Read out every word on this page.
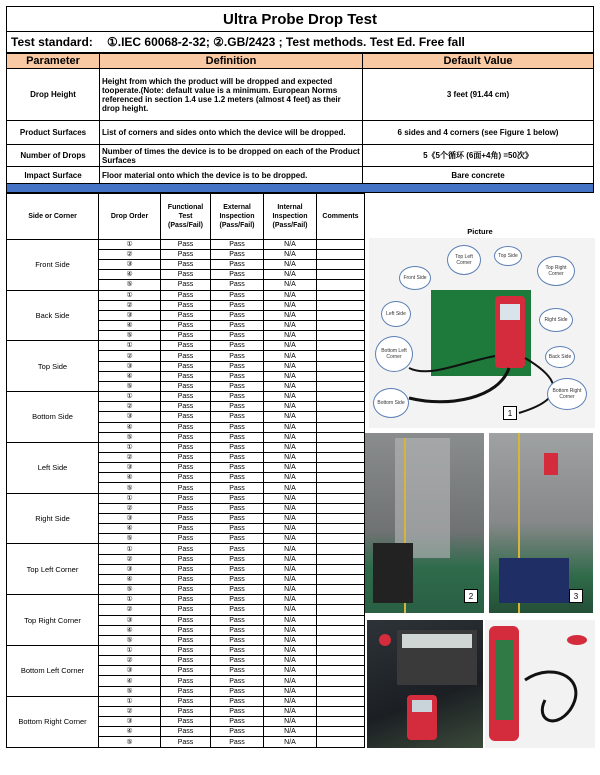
Ultra Probe Drop Test
Test standard:	①.IEC 60068-2-32; ②.GB/2423 ; Test methods. Test Ed. Free fall
Parameter	Definition	Default Value
Drop Height	Height from which the product will be dropped and expected tooperate.(Note: default value is a minimum. European Norms referenced in section 1.4 use 1.2 meters (almost 4 feet) as their drop height.	3 feet (91.44 cm)
Product Surfaces	List of corners and sides onto which the device will be dropped.	6 sides and 4 corners (see Figure 1 below)
Number of Drops	Number of times the device is to be dropped on each of the Product Surfaces	5《5个循环 (6面+4角) =50次》
Impact Surface	Floor material onto which the device is to be dropped.	Bare concrete
Side or Corner	Drop Order	Functional Test (Pass/Fail)	External Inspection (Pass/Fail)	Internal Inspection (Pass/Fail)	Comments
Front Side	①	Pass	Pass	N/A	
	②	Pass	Pass	N/A	
	③	Pass	Pass	N/A	
	④	Pass	Pass	N/A	
	⑤	Pass	Pass	N/A	
Back Side	①	Pass	Pass	N/A	
	②	Pass	Pass	N/A	
	③	Pass	Pass	N/A	
	④	Pass	Pass	N/A	
	⑤	Pass	Pass	N/A	
Top Side	①	Pass	Pass	N/A	
	②	Pass	Pass	N/A	
	③	Pass	Pass	N/A	
	④	Pass	Pass	N/A	
	⑤	Pass	Pass	N/A	
Bottom Side	①	Pass	Pass	N/A	
	②	Pass	Pass	N/A	
	③	Pass	Pass	N/A	
	④	Pass	Pass	N/A	
	⑤	Pass	Pass	N/A	
Left Side	①	Pass	Pass	N/A	
	②	Pass	Pass	N/A	
	③	Pass	Pass	N/A	
	④	Pass	Pass	N/A	
	⑤	Pass	Pass	N/A	
Right Side	①	Pass	Pass	N/A	
	②	Pass	Pass	N/A	
	③	Pass	Pass	N/A	
	④	Pass	Pass	N/A	
	⑤	Pass	Pass	N/A	
Top Left Corner	①	Pass	Pass	N/A	
	②	Pass	Pass	N/A	
	③	Pass	Pass	N/A	
	④	Pass	Pass	N/A	
	⑤	Pass	Pass	N/A	
Top Right Corner	①	Pass	Pass	N/A	
	②	Pass	Pass	N/A	
	③	Pass	Pass	N/A	
	④	Pass	Pass	N/A	
	⑤	Pass	Pass	N/A	
Bottom Left Corner	①	Pass	Pass	N/A	
	②	Pass	Pass	N/A	
	③	Pass	Pass	N/A	
	④	Pass	Pass	N/A	
	⑤	Pass	Pass	N/A	
Bottom Right Corner	①	Pass	Pass	N/A	
	②	Pass	Pass	N/A	
	③	Pass	Pass	N/A	
	④	Pass	Pass	N/A	
	⑤	Pass	Pass	N/A	
Picture
Top Left Corner
Top Side
Top Right Corner
Front Side
Left Side
Right Side
Bottom Left Corner	Back Side
Bottom Right Corner
Bottom Side
1
2	3
